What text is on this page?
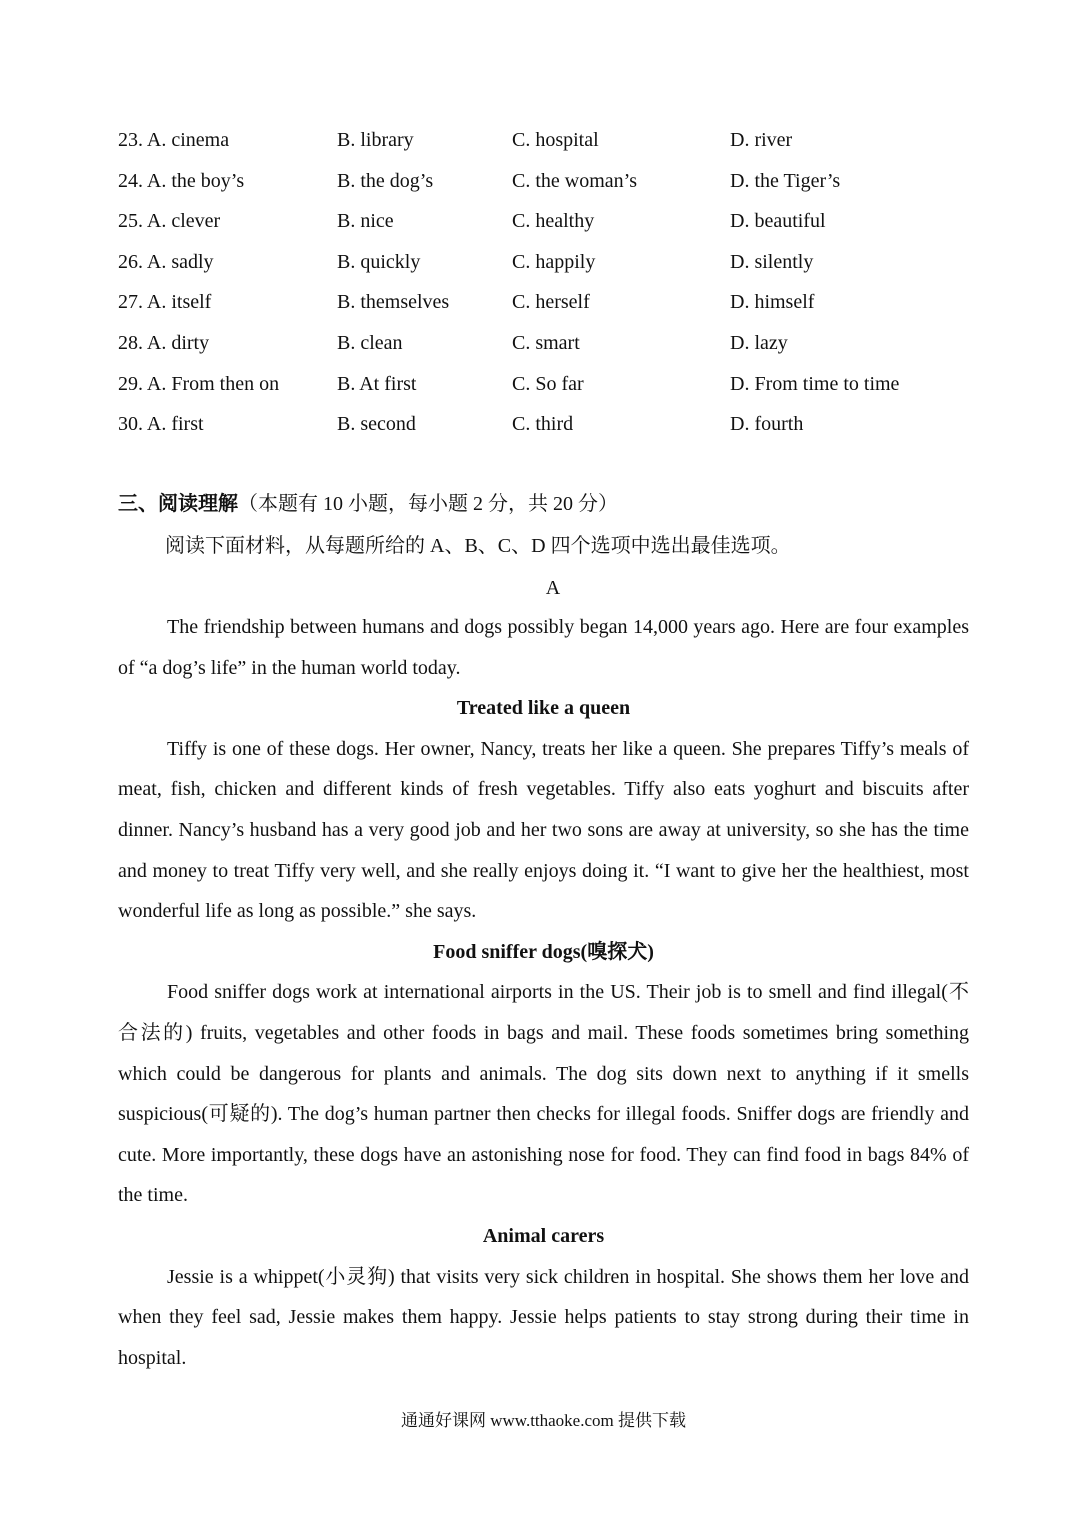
23. A. cinema	B. library	C. hospital	D. river
24. A. the boy’s	B. the dog’s	C. the woman’s	D. the Tiger’s
25. A. clever	B. nice	C. healthy	D. beautiful
26. A. sadly	B. quickly	C. happily	D. silently
27. A. itself	B. themselves	C. herself	D. himself
28. A. dirty	B. clean	C. smart	D. lazy
29. A. From then on	B. At first	C. So far	D. From time to time
30. A. first	B. second	C. third	D. fourth
三、阅读理解（本题有 10 小题，每小题 2 分，共 20 分）
阅读下面材料，从每题所给的 A、B、C、D 四个选项中选出最佳选项。
A

The friendship between humans and dogs possibly began 14,000 years ago. Here are four examples of “a dog’s life” in the human world today.

Treated like a queen

Tiffy is one of these dogs. Her owner, Nancy, treats her like a queen. She prepares Tiffy’s meals of meat, fish, chicken and different kinds of fresh vegetables. Tiffy also eats yoghurt and biscuits after dinner. Nancy’s husband has a very good job and her two sons are away at university, so she has the time and money to treat Tiffy very well, and she really enjoys doing it. “I want to give her the healthiest, most wonderful life as long as possible.” she says.

Food sniffer dogs(嗅探犬)

Food sniffer dogs work at international airports in the US. Their job is to smell and find illegal(不合法的) fruits, vegetables and other foods in bags and mail. These foods sometimes bring something which could be dangerous for plants and animals. The dog sits down next to anything if it smells suspicious(可疑的). The dog’s human partner then checks for illegal foods. Sniffer dogs are friendly and cute. More importantly, these dogs have an astonishing nose for food. They can find food in bags 84% of the time.

Animal carers

Jessie is a whippet(小灵狗) that visits very sick children in hospital. She shows them her love and when they feel sad, Jessie makes them happy. Jessie helps patients to stay strong during their time in hospital.

通通好课网 www.tthaoke.com 提供下载
